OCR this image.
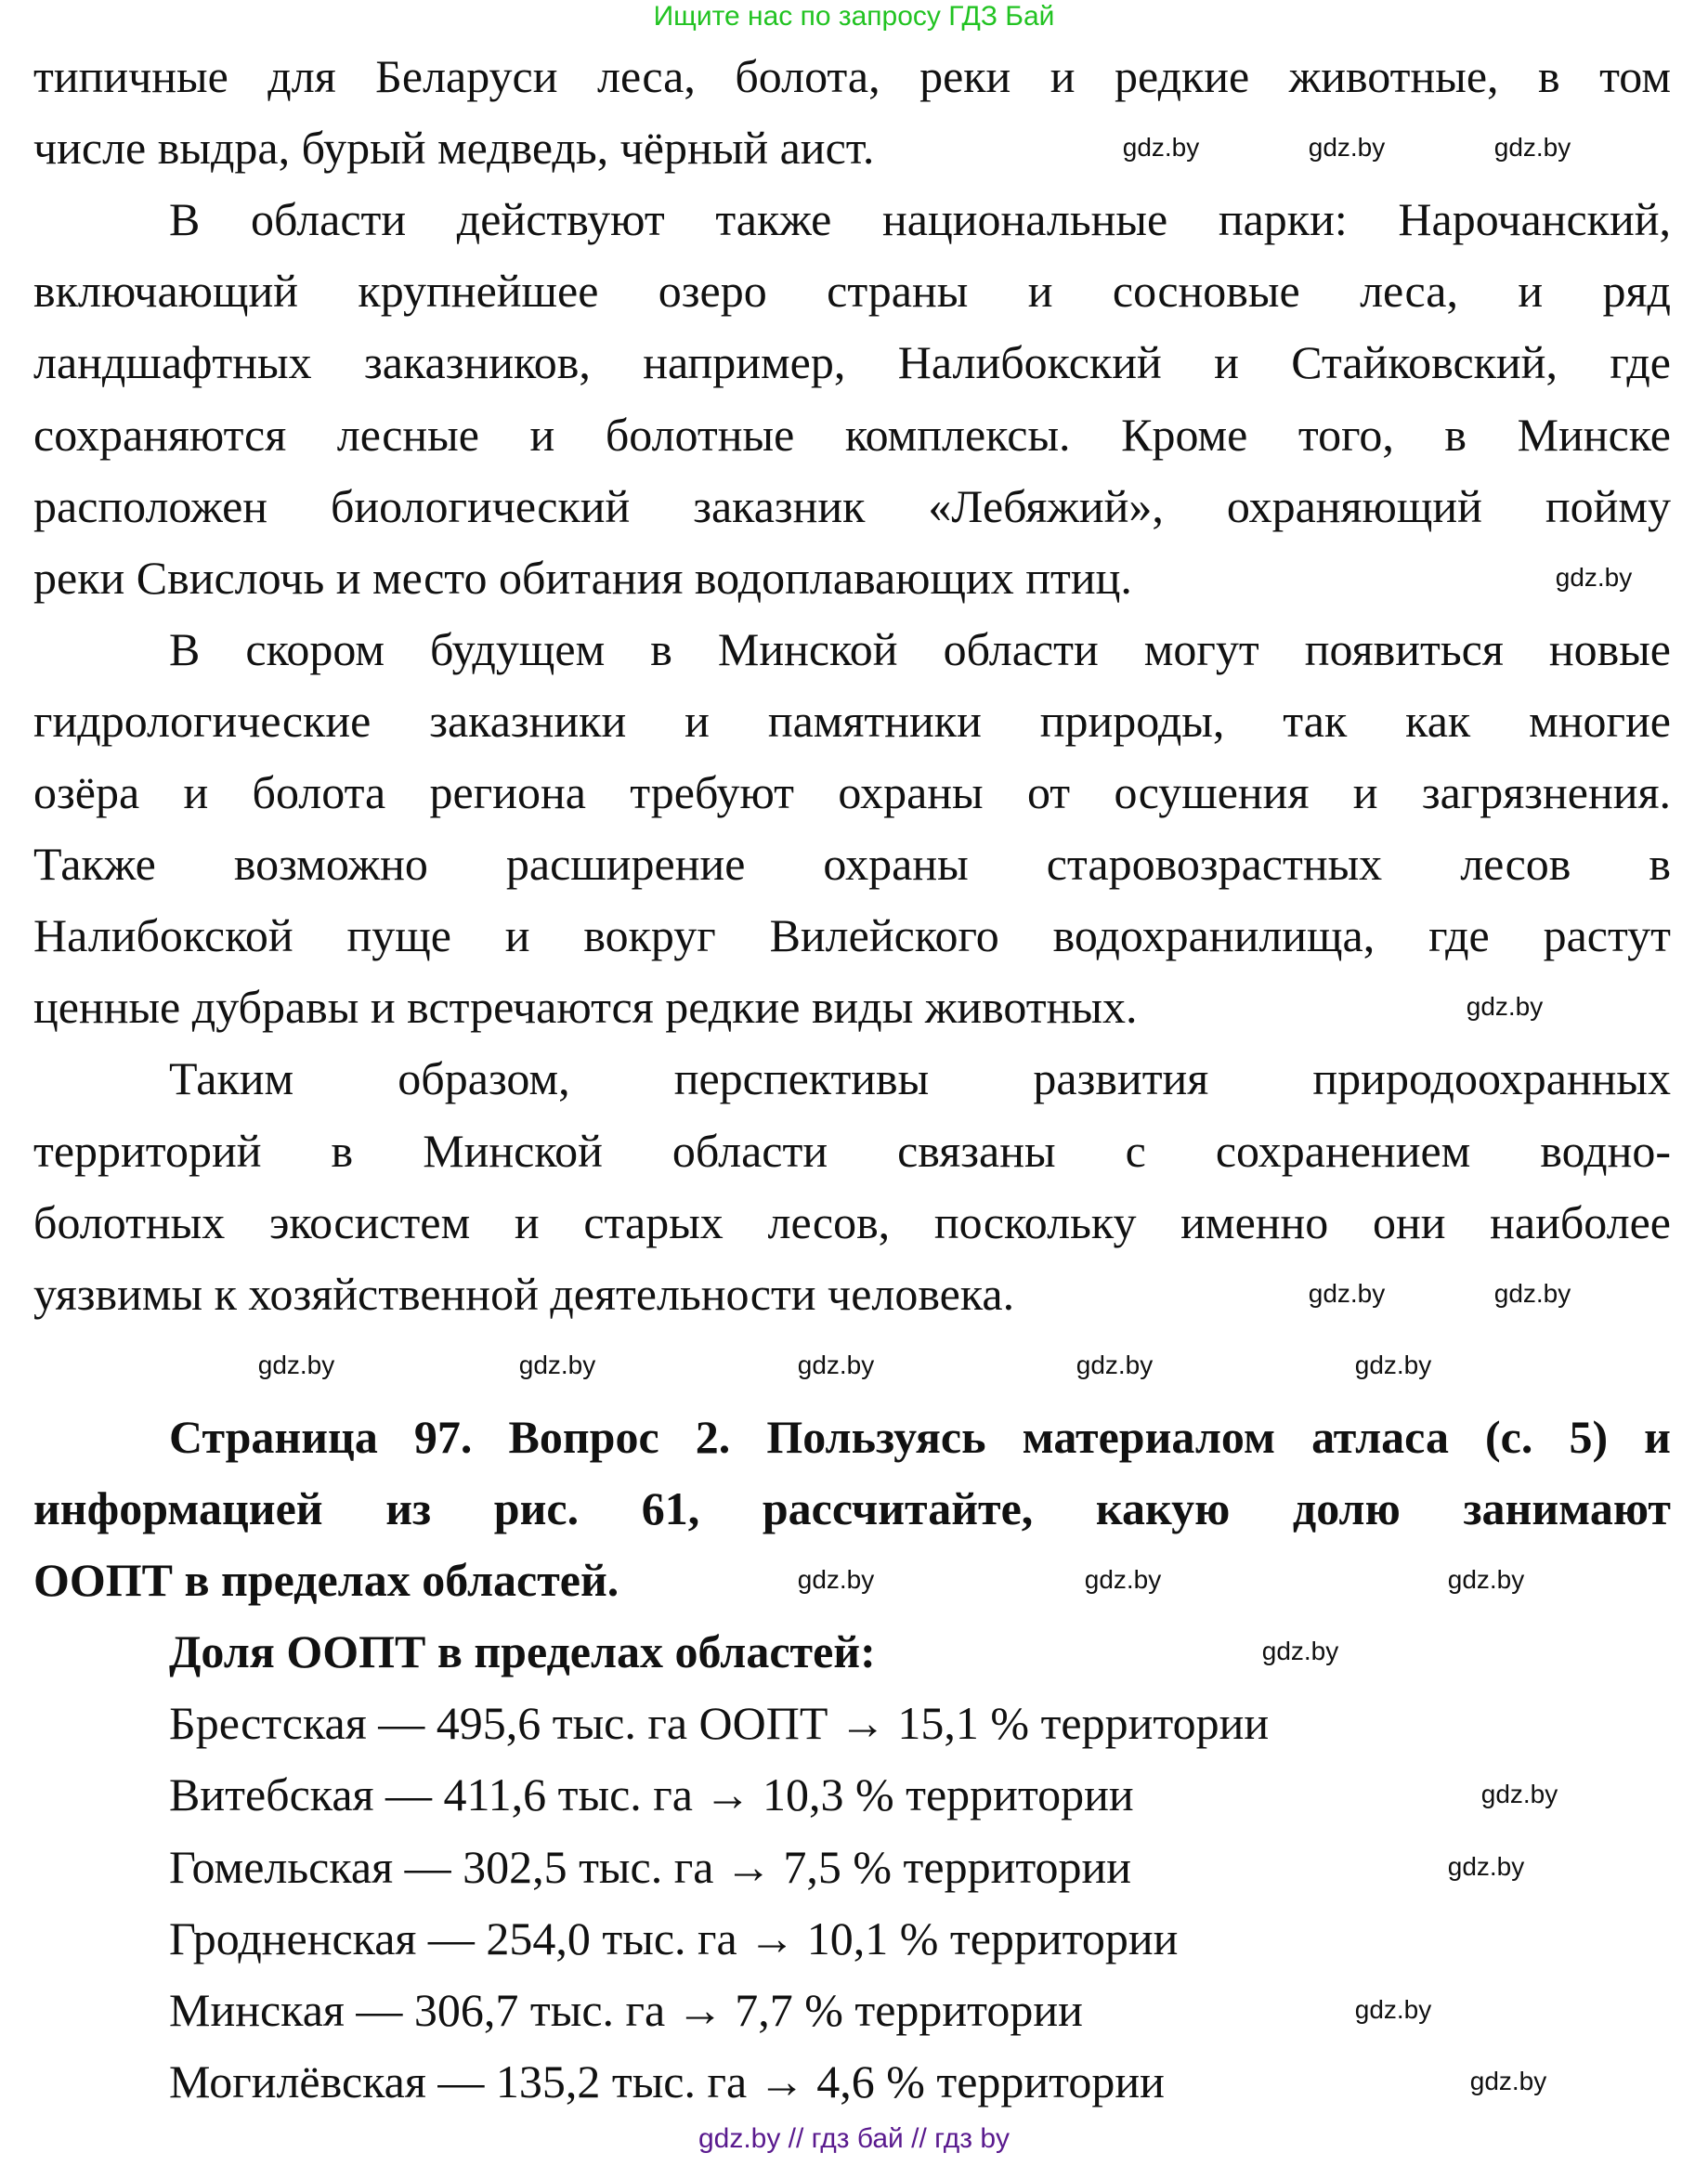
Ищите нас по запросу ГДЗ Бай
типичные для Беларуси леса, болота, реки и редкие животные, в том
числе выдра, бурый медведь, чёрный аист.
В области действуют также национальные парки: Нарочанский,
включающий крупнейшее озеро страны и сосновые леса, и ряд
ландшафтных заказников, например, Налибокский и Стайковский, где
сохраняются лесные и болотные комплексы. Кроме того, в Минске
расположен биологический заказник «Лебяжий», охраняющий пойму
реки Свислочь и место обитания водоплавающих птиц.
В скором будущем в Минской области могут появиться новые
гидрологические заказники и памятники природы, так как многие
озёра и болота региона требуют охраны от осушения и загрязнения.
Также возможно расширение охраны старовозрастных лесов в
Налибокской пуще и вокруг Вилейского водохранилища, где растут
ценные дубравы и встречаются редкие виды животных.
Таким образом, перспективы развития природоохранных
территорий в Минской области связаны с сохранением водно-
болотных экосистем и старых лесов, поскольку именно они наиболее
уязвимы к хозяйственной деятельности человека.
Страница 97. Вопрос 2. Пользуясь материалом атласа (с. 5) и
информацией из рис. 61, рассчитайте, какую долю занимают
ООПТ в пределах областей.
Доля ООПТ в пределах областей:
Брестская — 495,6 тыс. га ООПТ → 15,1 % территории
Витебская — 411,6 тыс. га → 10,3 % территории
Гомельская — 302,5 тыс. га → 7,5 % территории
Гродненская — 254,0 тыс. га → 10,1 % территории
Минская — 306,7 тыс. га → 7,7 % территории
Могилёвская — 135,2 тыс. га → 4,6 % территории
gdz.by	gdz.by	gdz.by
gdz.by
gdz.by
gdz.by	gdz.by
gdz.by	gdz.by	gdz.by	gdz.by	gdz.by
gdz.by	gdz.by	gdz.by
gdz.by
gdz.by
gdz.by
gdz.by
gdz.by
gdz.by // гдз бай // гдз by
